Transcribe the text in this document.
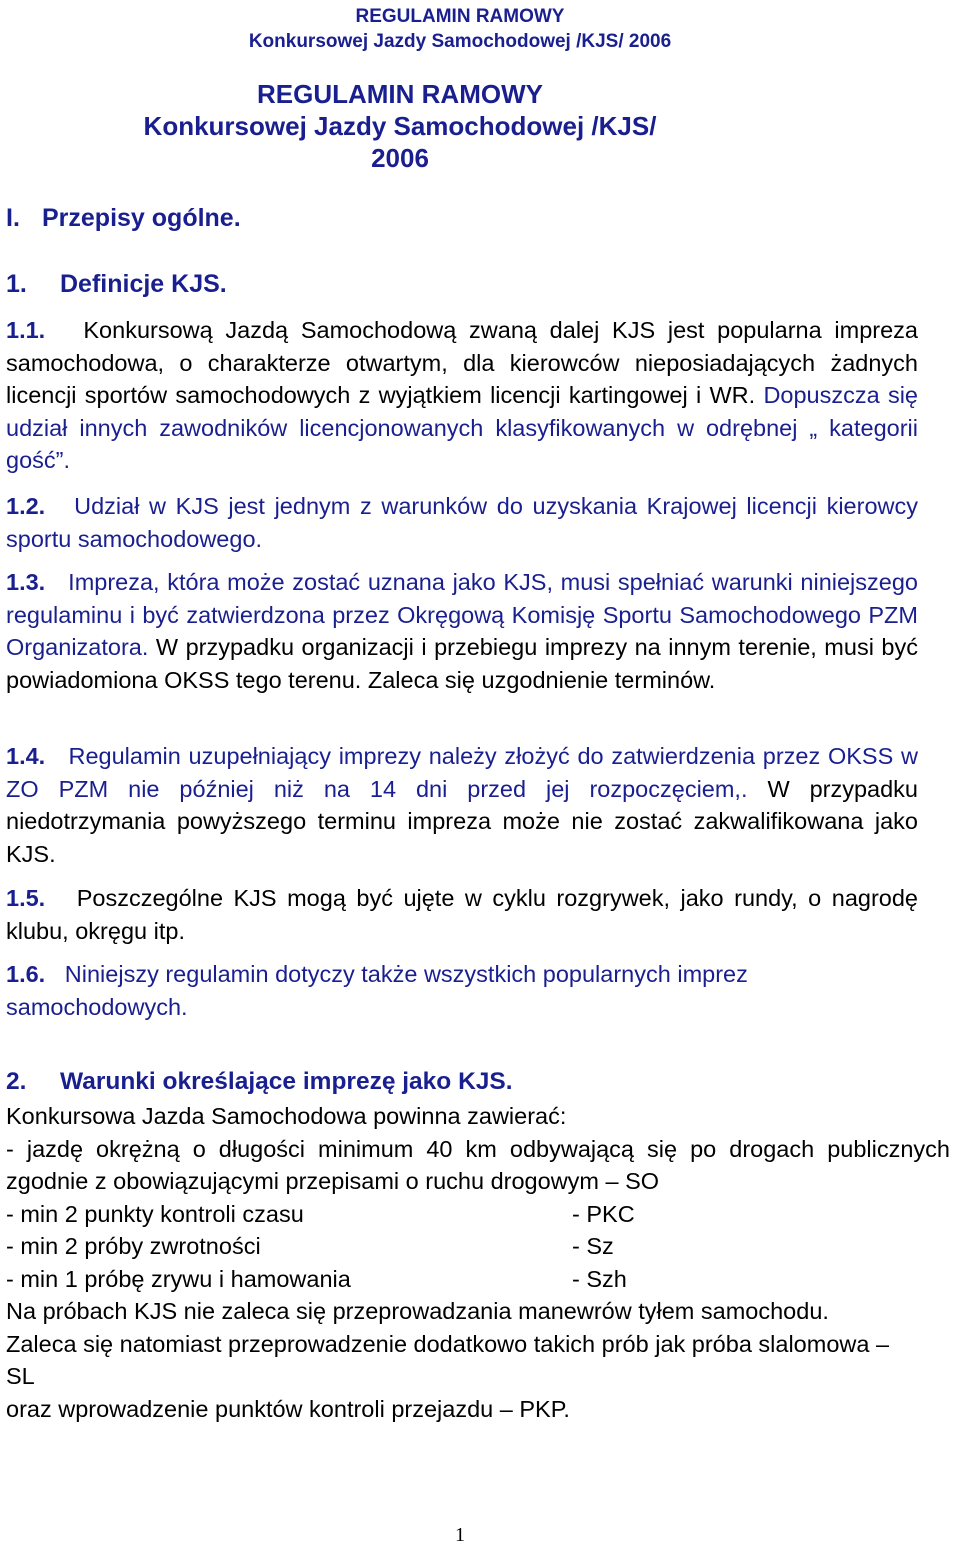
REGULAMIN RAMOWY
Konkursowej Jazdy Samochodowej /KJS/ 2006
REGULAMIN RAMOWY
Konkursowej Jazdy Samochodowej /KJS/
2006
I. Przepisy ogólne.
1. Definicje KJS.

1.1. Konkursową Jazdą Samochodową zwaną dalej KJS jest popularna impreza samochodowa, o charakterze otwartym, dla kierowców nieposiadających żadnych licencji sportów samochodowych z wyjątkiem licencji kartingowej i WR. Dopuszcza się udział innych zawodników licencjonowanych klasyfikowanych w odrębnej „ kategorii gość”.

1.2. Udział w KJS jest jednym z warunków do uzyskania Krajowej licencji kierowcy sportu samochodowego.

1.3. Impreza, która może zostać uznana jako KJS, musi spełniać warunki niniejszego regulaminu i być zatwierdzona przez Okręgową Komisję Sportu Samochodowego PZM Organizatora. W przypadku organizacji i przebiegu imprezy na innym terenie, musi być powiadomiona OKSS tego terenu. Zaleca się uzgodnienie terminów.

1.4. Regulamin uzupełniający imprezy należy złożyć do zatwierdzenia przez OKSS w ZO PZM nie później niż na 14 dni przed jej rozpoczęciem,. W przypadku niedotrzymania powyższego terminu impreza może nie zostać zakwalifikowana jako KJS.

1.5. Poszczególne KJS mogą być ujęte w cyklu rozgrywek, jako rundy, o nagrodę klubu, okręgu itp.

1.6. Niniejszy regulamin dotyczy także wszystkich popularnych imprez samochodowych.

2. Warunki określające imprezę jako KJS.

Konkursowa Jazda Samochodowa powinna zawierać:

- jazdę okrężną o długości minimum 40 km odbywającą się po drogach publicznych zgodnie z obowiązującymi przepisami o ruchu drogowym – SO

- min 2 punkty kontroli czasu	- PKC
- min 2 próby zwrotności	- Sz
- min 1 próbę zrywu i hamowania	- Szh

Na próbach KJS nie zaleca się przeprowadzania manewrów tyłem samochodu.

Zaleca się natomiast przeprowadzenie dodatkowo takich prób jak próba slalomowa – SL

oraz wprowadzenie punktów kontroli przejazdu – PKP.

1
